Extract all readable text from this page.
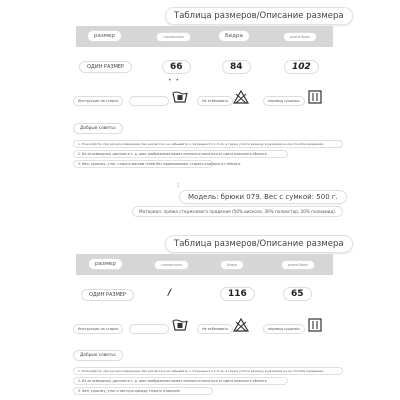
Таблица размеров/Описание размера
размер	горизонталь	Бедра	длина брюк
ОДИН РАЗМЕР	66	84	102
• •
Инструкции по стирке	Не отбеливать	перевод сушилки
Добрые советы:
1. Пожалуйста, при ручном измерении, без нахлеста и не забывайте о погрешности 1-3 см, а также учтите разницу в размерах из-за способа измерения.
2. Из-за освещения, дисплея и т. д. цвет изображения может немного отличаться от цвета реального объекта
3. Фен, сушилку, утюг, стирать мягким гелем без подвешивания. стирать отдельно от тёмного.
:
Модель: брюки 079. Вес с сумкой: 500 г.
Материал: пряжа стержневого прядения (50% вискоза, 30% полиэстер, 20% полиамид).
Таблица размеров/Описание размера
размер	горизонталь	Бедра	длина брюк
ОДИН РАЗМЕР	/	116	65
Инструкции по стирке	Не отбеливать	перевод сушилки
Добрые советы:
1. Пожалуйста, при ручном измерении, без нахлеста и не забывайте о погрешности 1-3 см, а также учтите разницу в размерах из-за способа измерения.
2. Из-за освещения, дисплея и т. д. цвет изображения может немного отличаться от цвета реального объекта
3. Фен, сушилку, утюг и светлую одежду стирать отдельно!
